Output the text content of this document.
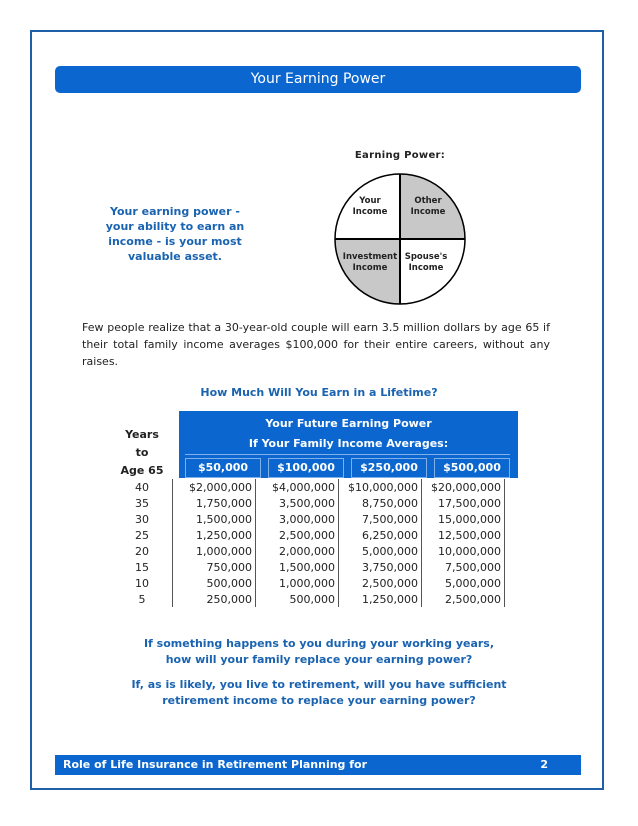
Your Earning Power
Earning Power:
Your
Income
Other
Income
Investment
Income
Spouse's
Income
Your earning power -
your ability to earn an
income - is your most
valuable asset.
Few people realize that a 30-year-old couple will earn 3.5 million dollars by age 65 if their total family income averages $100,000 for their entire careers, without any raises.
How Much Will You Earn in a Lifetime?
Years
to
Age 65
Your Future Earning Power
If Your Family Income Averages:
$50,000	$100,000	$250,000	$500,000
40	$2,000,000	$4,000,000	$10,000,000	$20,000,000
35	1,750,000	3,500,000	8,750,000	17,500,000
30	1,500,000	3,000,000	7,500,000	15,000,000
25	1,250,000	2,500,000	6,250,000	12,500,000
20	1,000,000	2,000,000	5,000,000	10,000,000
15	750,000	1,500,000	3,750,000	7,500,000
10	500,000	1,000,000	2,500,000	5,000,000
5	250,000	500,000	1,250,000	2,500,000
If something happens to you during your working years,
how will your family replace your earning power?
If, as is likely, you live to retirement, will you have sufficient
retirement income to replace your earning power?
Role of Life Insurance in Retirement Planning for	2
